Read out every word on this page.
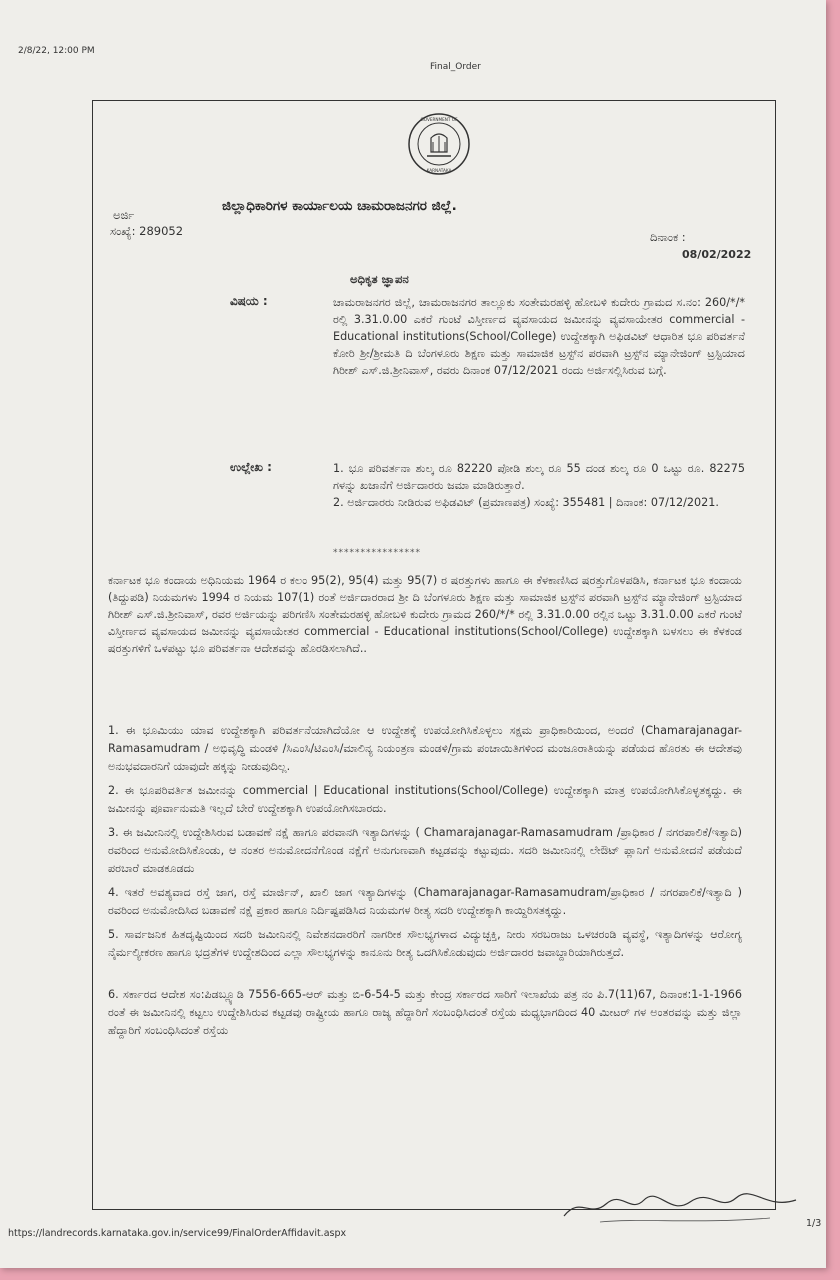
2/8/22, 12:00 PM
Final_Order
GOVERNMENT OF
KARNATAKA
ಜಿಲ್ಲಾಧಿಕಾರಿಗಳ ಕಾರ್ಯಾಲಯ ಚಾಮರಾಜನಗರ ಜಿಲ್ಲೆ.
ಅರ್ಜಿ
ಸಂಖ್ಯೆ: 289052	ದಿನಾಂಕ :
08/02/2022
ಅಧಿಕೃತ ಜ್ಞಾಪನ
ವಿಷಯ :	ಚಾಮರಾಜನಗರ ಜಿಲ್ಲೆ, ಚಾಮರಾಜನಗರ ತಾಲ್ಲೂಕು ಸಂತೇಮರಹಳ್ಳಿ ಹೋಬಳಿ ಕುದೇರು ಗ್ರಾಮದ ಸ.ನಂ: 260/*/* ರಲ್ಲಿ 3.31.0.00 ಎಕರೆ ಗುಂಟೆ ವಿಸ್ತೀರ್ಣದ ವ್ಯವಸಾಯದ ಜಮೀನನ್ನು ವ್ಯವಸಾಯೇತರ commercial - Educational institutions(School/College) ಉದ್ದೇಶಕ್ಕಾಗಿ ಅಫಿಡವಿಟ್ ಆಧಾರಿತ ಭೂ ಪರಿವರ್ತನೆ ಕೋರಿ ಶ್ರೀ/ಶ್ರೀಮತಿ ದಿ ಬೆಂಗಳೂರು ಶಿಕ್ಷಣ ಮತ್ತು ಸಾಮಾಜಿಕ ಟ್ರಸ್ಟ್‌ನ ಪರವಾಗಿ ಟ್ರಸ್ಟ್‌ನ ಮ್ಯಾನೇಜಿಂಗ್ ಟ್ರಸ್ಟಿಯಾದ ಗಿರೀಶ್ ಎಸ್.ಜಿ.ಶ್ರೀನಿವಾಸ್, ರವರು ದಿನಾಂಕ 07/12/2021 ರಂದು ಅರ್ಜಿಸಲ್ಲಿಸಿರುವ ಬಗ್ಗೆ.
ಉಲ್ಲೇಖ :	1. ಭೂ ಪರಿವರ್ತನಾ ಶುಲ್ಕ ರೂ 82220 ಪೋಡಿ ಶುಲ್ಕ ರೂ 55 ದಂಡ ಶುಲ್ಕ ರೂ 0 ಒಟ್ಟು ರೂ. 82275 ಗಳನ್ನು ಖಜಾನೆಗೆ ಅರ್ಜಿದಾರರು ಜಮಾ ಮಾಡಿರುತ್ತಾರೆ.
2. ಅರ್ಜಿದಾರರು ನೀಡಿರುವ ಅಫಿಡವಿಟ್ (ಪ್ರಮಾಣಪತ್ರ) ಸಂಖ್ಯೆ: 355481 | ದಿನಾಂಕ: 07/12/2021.
****************
ಕರ್ನಾಟಕ ಭೂ ಕಂದಾಯ ಅಧಿನಿಯಮ 1964 ರ ಕಲಂ 95(2), 95(4) ಮತ್ತು 95(7) ರ ಷರತ್ತುಗಳು ಹಾಗೂ ಈ ಕೆಳಕಾಣಿಸಿದ ಷರತ್ತುಗೊಳಪಡಿಸಿ, ಕರ್ನಾಟಕ ಭೂ ಕಂದಾಯ (ತಿದ್ದುಪಡಿ) ನಿಯಮಗಳು 1994 ರ ನಿಯಮ 107(1) ರಂತೆ ಅರ್ಜಿದಾರರಾದ ಶ್ರೀ ದಿ ಬೆಂಗಳೂರು ಶಿಕ್ಷಣ ಮತ್ತು ಸಾಮಾಜಿಕ ಟ್ರಸ್ಟ್‌ನ ಪರವಾಗಿ ಟ್ರಸ್ಟ್‌ನ ಮ್ಯಾನೇಜಿಂಗ್ ಟ್ರಸ್ಟಿಯಾದ ಗಿರೀಶ್ ಎಸ್.ಜಿ.ಶ್ರೀನಿವಾಸ್, ರವರ ಅರ್ಜಿಯನ್ನು ಪರಿಗಣಿಸಿ ಸಂತೇಮರಹಳ್ಳಿ ಹೋಬಳಿ ಕುದೇರು ಗ್ರಾಮದ 260/*/* ರಲ್ಲಿ 3.31.0.00 ರಲ್ಲಿನ ಒಟ್ಟು 3.31.0.00 ಎಕರೆ ಗುಂಟೆ ವಿಸ್ತೀರ್ಣದ ವ್ಯವಸಾಯದ ಜಮೀನನ್ನು ವ್ಯವಸಾಯೇತರ commercial - Educational institutions(School/College) ಉದ್ದೇಶಕ್ಕಾಗಿ ಬಳಸಲು ಈ ಕೆಳಕಂಡ ಷರತ್ತುಗಳಿಗೆ ಒಳಪಟ್ಟು ಭೂ ಪರಿವರ್ತನಾ ಆದೇಶವನ್ನು ಹೊರಡಿಸಲಾಗಿದೆ..

1. ಈ ಭೂಮಿಯು ಯಾವ ಉದ್ದೇಶಕ್ಕಾಗಿ ಪರಿವರ್ತನೆಯಾಗಿದೆಯೋ ಆ ಉದ್ದೇಶಕ್ಕೆ ಉಪಯೋಗಿಸಿಕೊಳ್ಳಲು ಸಕ್ಷಮ ಪ್ರಾಧಿಕಾರಿಯಿಂದ, ಅಂದರೆ (Chamarajanagar-Ramasamudram / ಅಭಿವೃದ್ಧಿ ಮಂಡಳಿ /ಸಿಎಂಸಿ/ಟಿಎಂಸಿ/ಮಾಲಿನ್ಯ ನಿಯಂತ್ರಣ ಮಂಡಳಿ/ಗ್ರಾಮ ಪಂಚಾಯಿತಿಗಳಿಂದ ಮಂಜೂರಾತಿಯನ್ನು ಪಡೆಯದ ಹೊರತು ಈ ಆದೇಶವು ಅನುಭವದಾರನಿಗೆ ಯಾವುದೇ ಹಕ್ಕನ್ನು ನೀಡುವುದಿಲ್ಲ.

2. ಈ ಭೂಪರಿವರ್ತಿತ ಜಮೀನನ್ನು commercial | Educational institutions(School/College) ಉದ್ದೇಶಕ್ಕಾಗಿ ಮಾತ್ರ ಉಪಯೋಗಿಸಿಕೊಳ್ಳತಕ್ಕದ್ದು. ಈ ಜಮೀನನ್ನು ಪೂರ್ವಾನುಮತಿ ಇಲ್ಲದೆ ಬೇರೆ ಉದ್ದೇಶಕ್ಕಾಗಿ ಉಪಯೋಗಿಸಬಾರದು.

3. ಈ ಜಮೀನಿನಲ್ಲಿ ಉದ್ದೇಶಿಸಿರುವ ಬಡಾವಣೆ ನಕ್ಷೆ ಹಾಗೂ ಪರವಾನಗಿ ಇತ್ಯಾದಿಗಳನ್ನು ( Chamarajanagar-Ramasamudram /ಪ್ರಾಧಿಕಾರ / ನಗರಪಾಲಿಕೆ/ಇತ್ಯಾದಿ) ರವರಿಂದ ಅನುಮೋದಿಸಿಕೊಂಡು, ಆ ನಂತರ ಅನುಮೋದನೆಗೊಂಡ ನಕ್ಷೆಗೆ ಅನುಗುಣವಾಗಿ ಕಟ್ಟಡವನ್ನು ಕಟ್ಟುವುದು. ಸದರಿ ಜಮೀನಿನಲ್ಲಿ ಲೇಔಟ್ ಪ್ಲಾನಿಗೆ ಅನುಮೋದನೆ ಪಡೆಯದೆ ಪರಬಾರೆ ಮಾಡಕೂಡದು

4. ಇತರೆ ಅವಶ್ಯವಾದ ರಸ್ತೆ ಜಾಗ, ರಸ್ತೆ ಮಾರ್ಜಿನ್, ಖಾಲಿ ಜಾಗ ಇತ್ಯಾದಿಗಳನ್ನು (Chamarajanagar-Ramasamudram/ಪ್ರಾಧಿಕಾರ / ನಗರಪಾಲಿಕೆ/ಇತ್ಯಾದಿ ) ರವರಿಂದ ಅನುಮೋದಿಸಿದ ಬಡಾವಣೆ ನಕ್ಷೆ ಪ್ರಕಾರ ಹಾಗೂ ನಿರ್ದಿಷ್ಟಪಡಿಸಿದ ನಿಯಮಗಳ ರೀತ್ಯ ಸದರಿ ಉದ್ದೇಶಕ್ಕಾಗಿ ಕಾಯ್ದಿರಿಸತಕ್ಕದ್ದು.

5. ಸಾರ್ವಜನಿಕ ಹಿತದೃಷ್ಟಿಯಿಂದ ಸದರಿ ಜಮೀನಿನಲ್ಲಿ ನಿವೇಶನದಾರರಿಗೆ ನಾಗರೀಕ ಸೌಲಭ್ಯಗಳಾದ ವಿದ್ಯುಚ್ಛಕ್ತಿ, ನೀರು ಸರಬರಾಜು ಒಳಚರಂಡಿ ವ್ಯವಸ್ಥೆ, ಇತ್ಯಾದಿಗಳನ್ನು ಆರೋಗ್ಯ ನೈರ್ಮಲ್ಯೀಕರಣ ಹಾಗೂ ಭದ್ರತೆಗಳ ಉದ್ದೇಶದಿಂದ ಎಲ್ಲಾ ಸೌಲಭ್ಯಗಳನ್ನು ಕಾನೂನು ರೀತ್ಯ ಒದಗಿಸಿಕೊಡುವುದು ಅರ್ಜಿದಾರರ ಜವಾಬ್ದಾರಿಯಾಗಿರುತ್ತದೆ.

6. ಸರ್ಕಾರದ ಆದೇಶ ಸಂ:ಪಿಡಬ್ಲ್ಯೂಡಿ 7556-665-ಆರ್ ಮತ್ತು ಬಿ-6-54-5 ಮತ್ತು ಕೇಂದ್ರ ಸರ್ಕಾರದ ಸಾರಿಗೆ ಇಲಾಖೆಯ ಪತ್ರ ನಂ ಪಿ.7(11)67, ದಿನಾಂಕ:1-1-1966 ರಂತೆ ಈ ಜಮೀನಿನಲ್ಲಿ ಕಟ್ಟಲು ಉದ್ದೇಶಿಸಿರುವ ಕಟ್ಟಡವು ರಾಷ್ಟ್ರೀಯ ಹಾಗೂ ರಾಜ್ಯ ಹೆದ್ದಾರಿಗೆ ಸಂಬಂಧಿಸಿದಂತೆ ರಸ್ತೆಯ ಮಧ್ಯಭಾಗದಿಂದ 40 ಮೀಟರ್ ಗಳ ಅಂತರವನ್ನು ಮತ್ತು ಜಿಲ್ಲಾ ಹೆದ್ದಾರಿಗೆ ಸಂಬಂಧಿಸಿದಂತೆ ರಸ್ತೆಯ

https://landrecords.karnataka.gov.in/service99/FinalOrderAffidavit.aspx
1/3
